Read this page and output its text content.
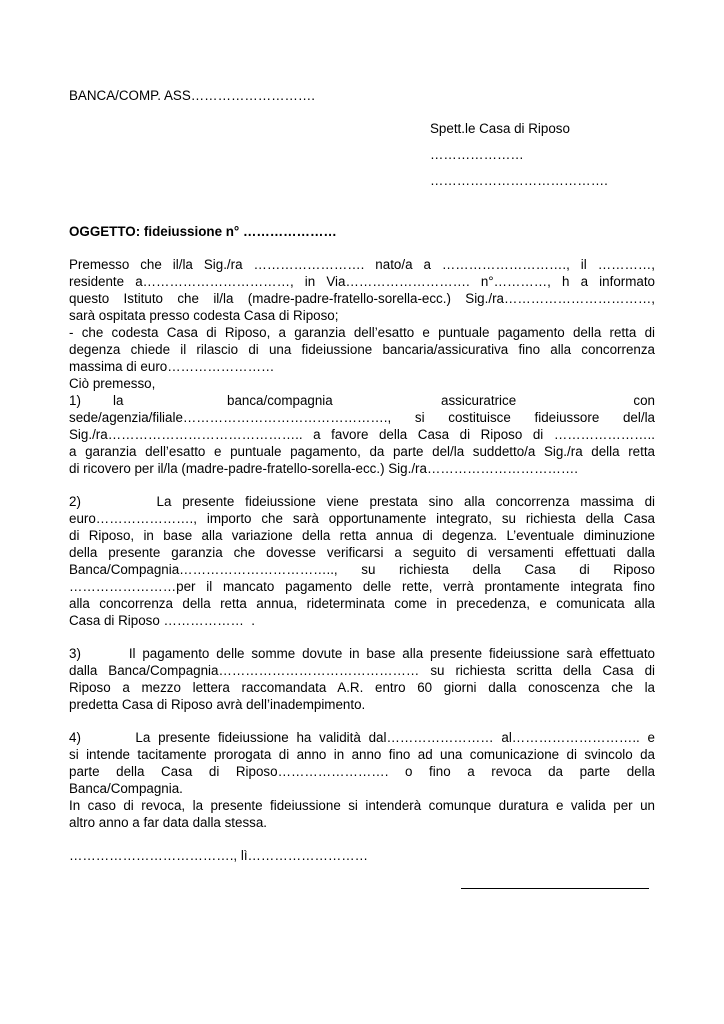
BANCA/COMP. ASS……………………….
Spett.le Casa di Riposo
…………………
………………………………….
OGGETTO: fideiussione n° …………………
Premesso che il/la Sig./ra ……………………. nato/a a ………………………., il …………,
residente a……………………………, in Via………………………. n°…………, h a informato
questo Istituto che il/la (madre-padre-fratello-sorella-ecc.) Sig./ra……………………………,
sarà ospitata presso codesta Casa di Riposo;
- che codesta Casa di Riposo, a garanzia dell’esatto e puntuale pagamento della retta di
degenza chiede il rilascio di una fideiussione bancaria/assicurativa fino alla concorrenza
massima di euro……………………
Ciò premesso,
1) la	banca/compagnia	assicuratrice	con
sede/agenzia/filiale………………………………………., si costituisce fideiussore del/la
Sig./ra…………………………………….. a favore della Casa di Riposo di …………………..
a garanzia dell’esatto e puntuale pagamento, da parte del/la suddetto/a Sig./ra della retta
di ricovero per il/la (madre-padre-fratello-sorella-ecc.) Sig./ra…………………………….
2)       La presente fideiussione viene prestata sino alla concorrenza massima di
euro…………………., importo che sarà opportunamente integrato, su richiesta della Casa
di Riposo, in base alla variazione della retta annua di degenza. L’eventuale diminuzione
della presente garanzia che dovesse verificarsi a seguito di versamenti effettuati dalla
Banca/Compagnia…………………………….., su richiesta della Casa di Riposo
……………………per il mancato pagamento delle rette, verrà prontamente integrata fino
alla concorrenza della retta annua, rideterminata come in precedenza, e comunicata alla
Casa di Riposo ………………  .
3)       Il pagamento delle somme dovute in base alla presente fideiussione sarà effettuato
dalla Banca/Compagnia……………………………………… su richiesta scritta della Casa di
Riposo a mezzo lettera raccomandata A.R. entro 60 giorni dalla conoscenza che la
predetta Casa di Riposo avrà dell’inadempimento.
4)       La presente fideiussione ha validità dal…………………… al……………………….. e
si intende tacitamente prorogata di anno in anno fino ad una comunicazione di svincolo da
parte della Casa di Riposo……………………. o fino a revoca da parte della
Banca/Compagnia.
In caso di revoca, la presente fideiussione si intenderà comunque duratura e valida per un
altro anno a far data dalla stessa.
………………………………., lì………………………
